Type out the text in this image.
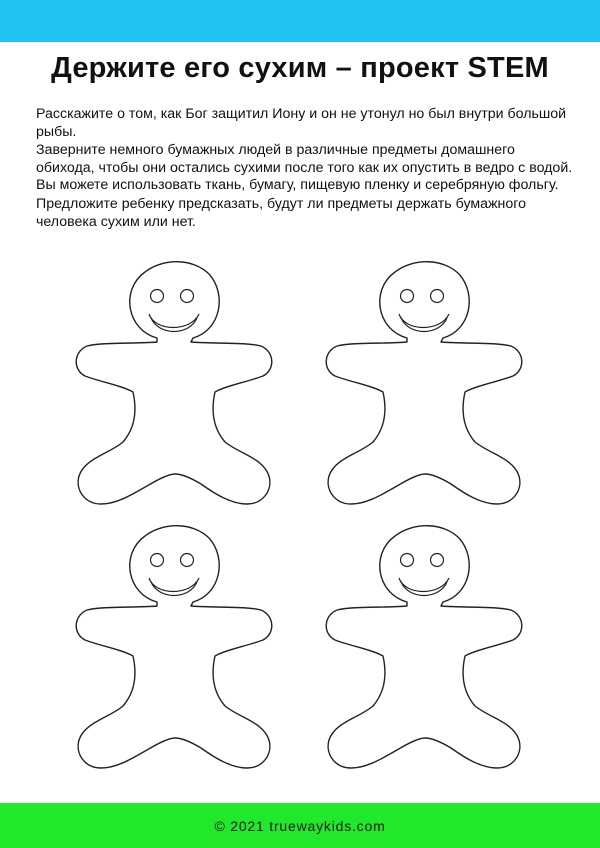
Держите его сухим – проект STEM

Расскажите о том, как Бог защитил Иону и он не утонул но был внутри большой рыбы.

Заверните немного бумажных людей в различные предметы домашнего обихода, чтобы они остались сухими после того как их опустить в ведро с водой. Вы можете использовать ткань, бумагу, пищевую пленку и серебряную фольгу.

Предложите ребенку предсказать, будут ли предметы держать бумажного человека сухим или нет.

© 2021 truewaykids.com
